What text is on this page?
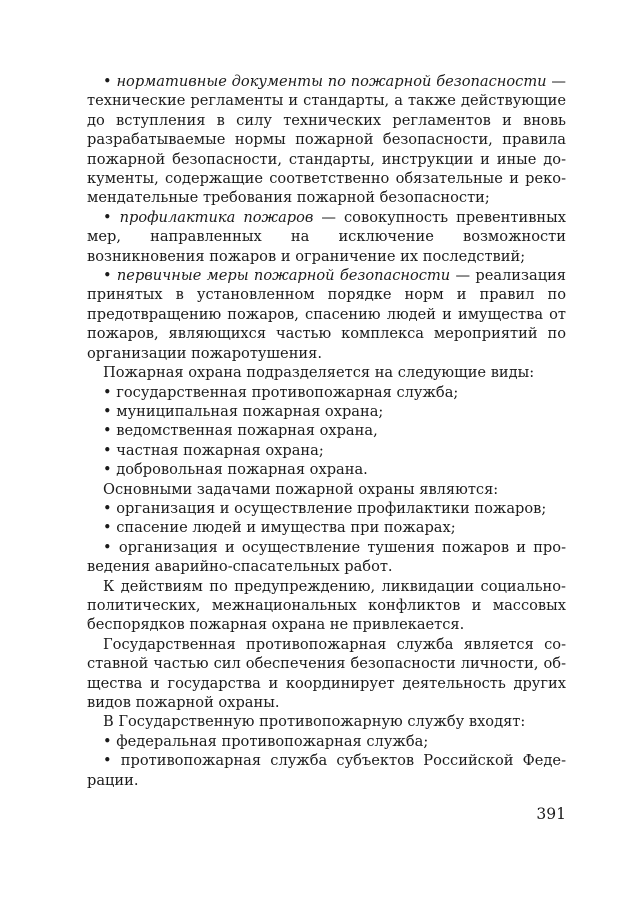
• нормативные документы по пожарной безопасности — технические регламенты и стандарты, а также действующие до вступления в силу технических регламентов и вновь разрабатываемые нормы пожарной безопасности, правила пожарной безопасности, стандарты, инструкции и иные документы, содержащие соответственно обязательные и рекомендательные требования пожарной безопасности;

• профилактика пожаров — совокупность превентивных мер, направленных на исключение возможности возникновения пожаров и ограничение их последствий;

• первичные меры пожарной безопасности — реализация принятых в установленном порядке норм и правил по предотвращению пожаров, спасению людей и имущества от пожаров, являющихся частью комплекса мероприятий по организации пожаротушения.

Пожарная охрана подразделяется на следующие виды:

• государственная противопожарная служба;

• муниципальная пожарная охрана;

• ведомственная пожарная охрана,

• частная пожарная охрана;

• добровольная пожарная охрана.

Основными задачами пожарной охраны являются:

• организация и осуществление профилактики пожаров;

• спасение людей и имущества при пожарах;

• организация и осуществление тушения пожаров и проведения аварийно-спасательных работ.

К действиям по предупреждению, ликвидации социально-политических, межнациональных конфликтов и массовых беспорядков пожарная охрана не привлекается.

Государственная противопожарная служба является составной частью сил обеспечения безопасности личности, общества и государства и координирует деятельность других видов пожарной охраны.

В Государственную противопожарную службу входят:

• федеральная противопожарная служба;

• противопожарная служба субъектов Российской Федерации.

391
